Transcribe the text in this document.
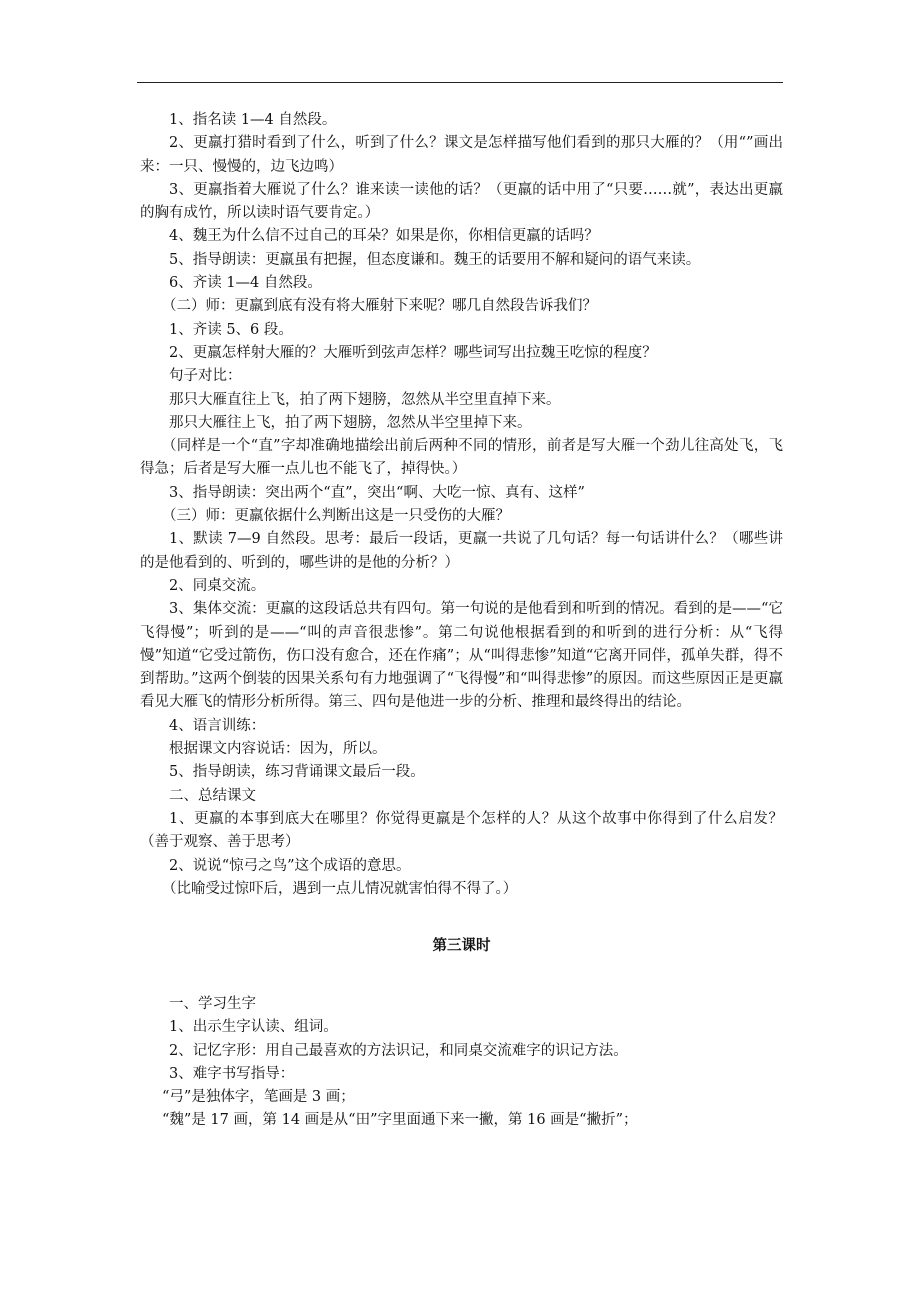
1、指名读 1—4 自然段。

2、更羸打猎时看到了什么，听到了什么？课文是怎样描写他们看到的那只大雁的？（用“”画出来：一只、慢慢的，边飞边鸣）

3、更羸指着大雁说了什么？谁来读一读他的话？（更羸的话中用了“只要……就”，表达出更羸的胸有成竹，所以读时语气要肯定。）

4、魏王为什么信不过自己的耳朵？如果是你，你相信更羸的话吗？

5、指导朗读：更羸虽有把握，但态度谦和。魏王的话要用不解和疑问的语气来读。

6、齐读 1—4 自然段。

（二）师：更羸到底有没有将大雁射下来呢？哪几自然段告诉我们？

1、齐读 5、6 段。

2、更羸怎样射大雁的？大雁听到弦声怎样？哪些词写出拉魏王吃惊的程度？

句子对比：

那只大雁直往上飞，拍了两下翅膀，忽然从半空里直掉下来。

那只大雁往上飞，拍了两下翅膀，忽然从半空里掉下来。

（同样是一个“直”字却准确地描绘出前后两种不同的情形，前者是写大雁一个劲儿往高处飞，飞得急；后者是写大雁一点儿也不能飞了，掉得快。）

3、指导朗读：突出两个“直”，突出“啊、大吃一惊、真有、这样”

（三）师：更羸依据什么判断出这是一只受伤的大雁？

1、默读 7—9 自然段。思考：最后一段话，更羸一共说了几句话？每一句话讲什么？（哪些讲的是他看到的、听到的，哪些讲的是他的分析？）

2、同桌交流。

3、集体交流：更羸的这段话总共有四句。第一句说的是他看到和听到的情况。看到的是——“它飞得慢”；听到的是——“叫的声音很悲惨”。第二句说他根据看到的和听到的进行分析：从“飞得慢”知道“它受过箭伤，伤口没有愈合，还在作痛”；从“叫得悲惨”知道“它离开同伴，孤单失群，得不到帮助。”这两个倒装的因果关系句有力地强调了“飞得慢”和“叫得悲惨”的原因。而这些原因正是更羸看见大雁飞的情形分析所得。第三、四句是他进一步的分析、推理和最终得出的结论。

4、语言训练：

根据课文内容说话：因为，所以。

5、指导朗读，练习背诵课文最后一段。

二、总结课文

1、更羸的本事到底大在哪里？你觉得更羸是个怎样的人？从这个故事中你得到了什么启发？（善于观察、善于思考）

2、说说“惊弓之鸟”这个成语的意思。

（比喻受过惊吓后，遇到一点儿情况就害怕得不得了。）

第三课时

一、学习生字

1、出示生字认读、组词。

2、记忆字形：用自己最喜欢的方法识记，和同桌交流难字的识记方法。

3、难字书写指导：

“弓”是独体字，笔画是 3 画；

“魏”是 17 画，第 14 画是从“田”字里面通下来一撇，第 16 画是“撇折”；
